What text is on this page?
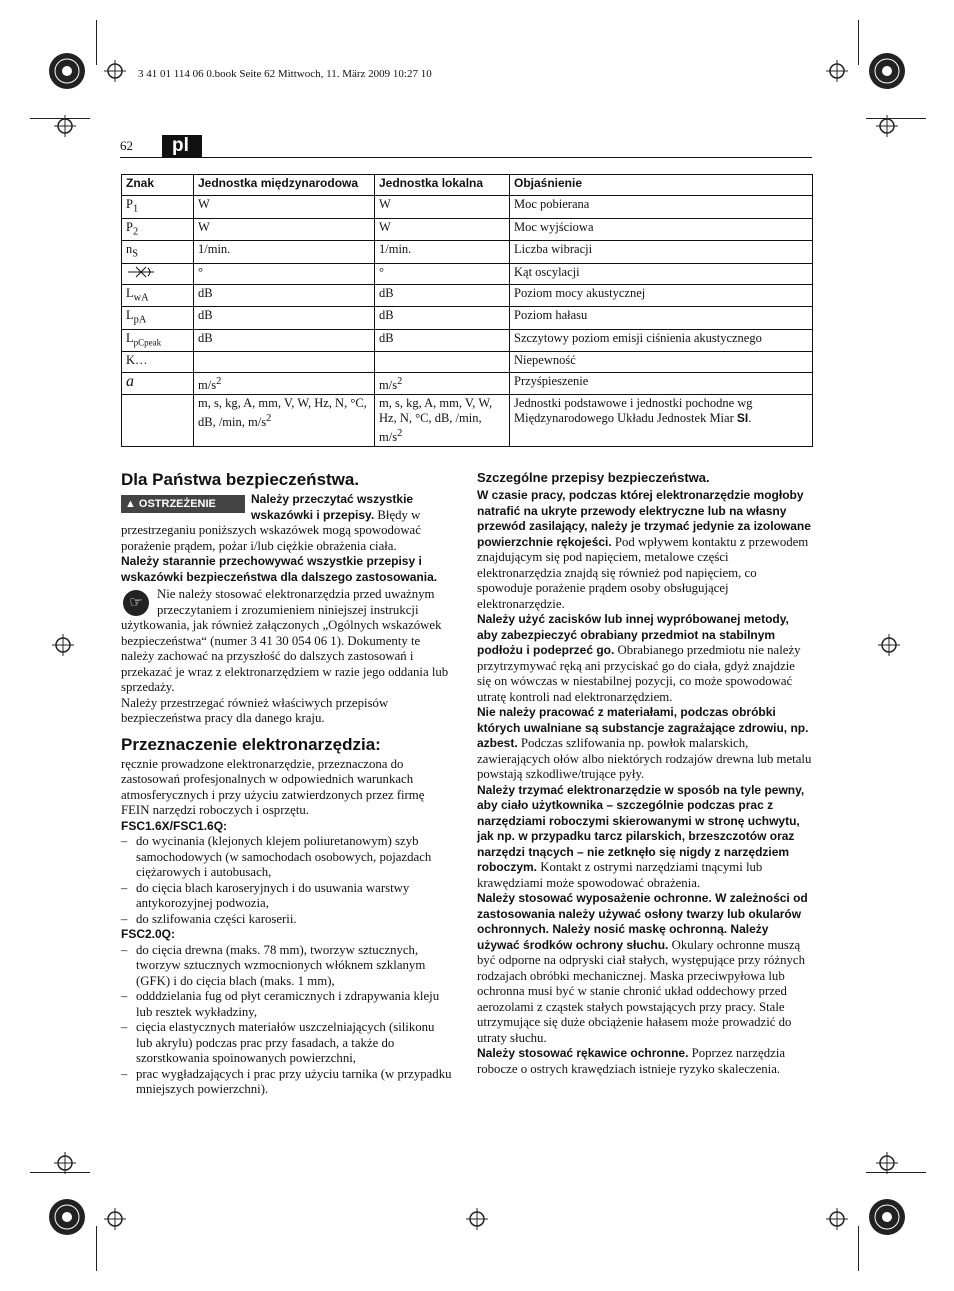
3 41 01 114 06 0.book Seite 62 Mittwoch, 11. März 2009 10:27 10
62	pl
Znak	Jednostka międzynarodowa	Jednostka lokalna	Objaśnienie
$P_1$	W	W	Moc pobierana
$P_2$	W	W	Moc wyjściowa
$n_S$	1/min.	1/min.	Liczba wibracji
	°	°	Kąt oscylacji
$L_{wA}$	dB	dB	Poziom mocy akustycznej
$L_{pA}$	dB	dB	Poziom hałasu
$L_{pCpeak}$	dB	dB	Szczytowy poziom emisji ciśnienia akustycznego
K…			Niepewność
a	$m/s^2$	$m/s^2$	Przyśpieszenie
	m, s, kg, A, mm, V, W, Hz, N, °C, dB, /min, $m/s^2$	m, s, kg, A, mm, V, W, Hz, N, °C, dB, /min, $m/s^2$	Jednostki podstawowe i jednostki pochodne wg Międzynarodowego Układu Jednostek Miar SI.
Dla Państwa bezpieczeństwa.

▲ OSTRZEŻENIE	Należy przeczytać wszystkie wskazówki i przepisy. Błędy w przestrzeganiu poniższych wskazówek mogą spowodować porażenie prądem, pożar i/lub ciężkie obrażenia ciała.

Należy starannie przechowywać wszystkie przepisy i wskazówki bezpieczeństwa dla dalszego zastosowania.

☞
Nie należy stosować elektronarzędzia przed uważnym przeczytaniem i zrozumieniem niniejszej instrukcji użytkowania, jak również załączonych „Ogólnych wskazówek bezpieczeństwa“ (numer 3 41 30 054 06 1). Dokumenty te należy zachować na przyszłość do dalszych zastosowań i przekazać je wraz z elektronarzędziem w razie jego oddania lub sprzedaży.

Należy przestrzegać również właściwych przepisów bezpieczeństwa pracy dla danego kraju.

Przeznaczenie elektronarzędzia:

ręcznie prowadzone elektronarzędzie, przeznaczona do zastosowań profesjonalnych w odpowiednich warunkach atmosferycznych i przy użyciu zatwierdzonych przez firmę FEIN narzędzi roboczych i osprzętu.

FSC1.6X/FSC1.6Q:

– do wycinania (klejonych klejem poliuretanowym) szyb samochodowych (w samochodach osobowych, pojazdach ciężarowych i autobusach,
– do cięcia blach karoseryjnych i do usuwania warstwy antykorozyjnej podwozia,
– do szlifowania części karoserii.

FSC2.0Q:

– do cięcia drewna (maks. 78 mm), tworzyw sztucznych, tworzyw sztucznych wzmocnionych włóknem szklanym (GFK) i do cięcia blach (maks. 1 mm),
– odddzielania fug od płyt ceramicznych i zdrapywania kleju lub resztek wykładziny,
– cięcia elastycznych materiałów uszczelniających (silikonu lub akrylu) podczas prac przy fasadach, a także do szorstkowania spoinowanych powierzchni,
– prac wygładzających i prac przy użyciu tarnika (w przypadku mniejszych powierzchni).
Szczególne przepisy bezpieczeństwa.

W czasie pracy, podczas której elektronarzędzie mogłoby natrafić na ukryte przewody elektryczne lub na własny przewód zasilający, należy je trzymać jedynie za izolowane powierzchnie rękojeści. Pod wpływem kontaktu z przewodem znajdującym się pod napięciem, metalowe części elektronarzędzia znajdą się również pod napięciem, co spowoduje porażenie prądem osoby obsługującej elektronarzędzie.

Należy użyć zacisków lub innej wypróbowanej metody, aby zabezpieczyć obrabiany przedmiot na stabilnym podłożu i podeprzeć go. Obrabianego przedmiotu nie należy przytrzymywać ręką ani przyciskać go do ciała, gdyż znajdzie się on wówczas w niestabilnej pozycji, co może spowodować utratę kontroli nad elektronarzędziem.

Nie należy pracować z materiałami, podczas obróbki których uwalniane są substancje zagrażające zdrowiu, np. azbest. Podczas szlifowania np. powłok malarskich, zawierających ołów albo niektórych rodzajów drewna lub metalu powstają szkodliwe/trujące pyły.

Należy trzymać elektronarzędzie w sposób na tyle pewny, aby ciało użytkownika – szczególnie podczas prac z narzędziami roboczymi skierowanymi w stronę uchwytu, jak np. w przypadku tarcz pilarskich, brzeszczotów oraz narzędzi tnących – nie zetknęło się nigdy z narzędziem roboczym. Kontakt z ostrymi narzędziami tnącymi lub krawędziami może spowodować obrażenia.

Należy stosować wyposażenie ochronne. W zależności od zastosowania należy używać osłony twarzy lub okularów ochronnych. Należy nosić maskę ochronną. Należy używać środków ochrony słuchu. Okulary ochronne muszą być odporne na odpryski ciał stałych, występujące przy różnych rodzajach obróbki mechanicznej. Maska przeciwpyłowa lub ochronna musi być w stanie chronić układ oddechowy przed aerozolami z cząstek stałych powstających przy pracy. Stale utrzymujące się duże obciążenie hałasem może prowadzić do utraty słuchu.

Należy stosować rękawice ochronne. Poprzez narzędzia robocze o ostrych krawędziach istnieje ryzyko skaleczenia.
